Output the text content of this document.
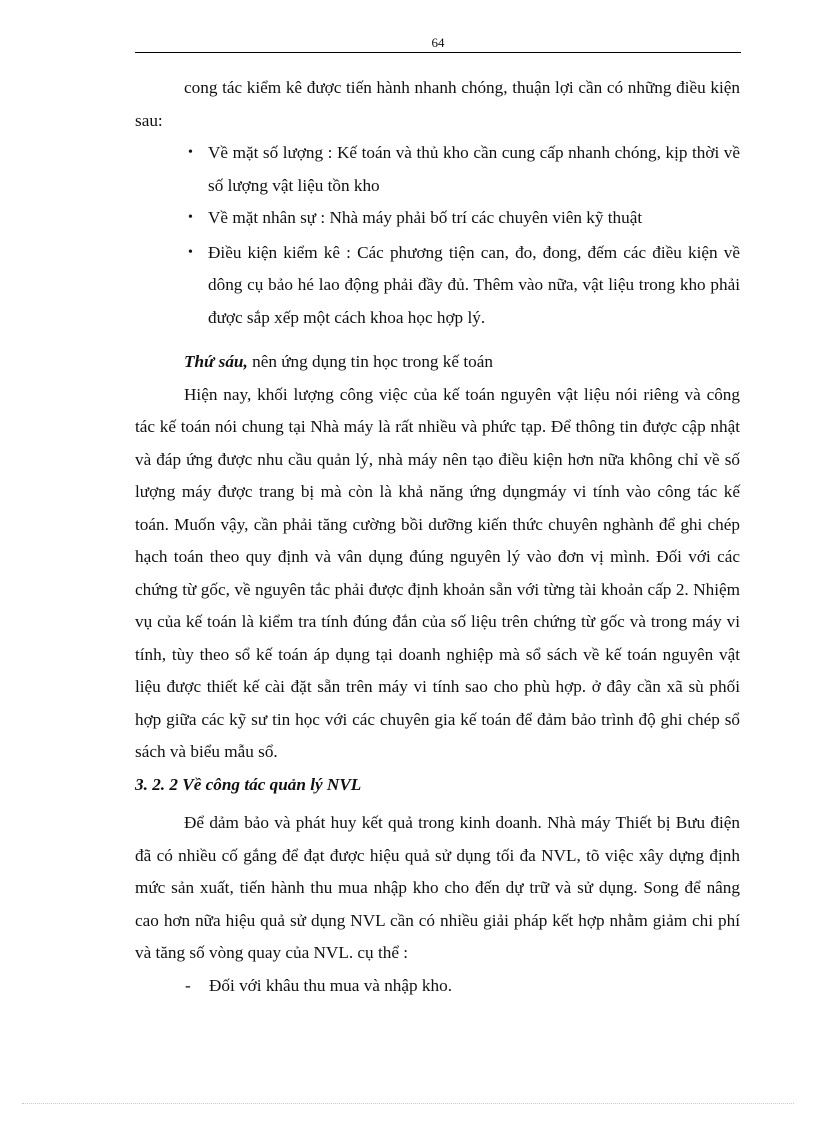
64

cong tác kiểm kê được tiến hành nhanh chóng, thuận lợi cần có những điều kiện sau:

• Về mặt số lượng : Kế toán và thủ kho cần cung cấp nhanh chóng, kịp thời về số lượng vật liệu tồn kho
• Về mặt nhân sự : Nhà máy phải bố trí các chuyên viên kỹ thuật
• Điều kiện kiểm kê : Các phương tiện can, đo, đong, đếm các điều kiện về dông cụ bảo hé lao động phải đầy đủ. Thêm vào nữa, vật liệu trong kho phải được sắp xếp một cách khoa học hợp lý.

Thứ sáu, nên ứng dụng tin học trong kế toán

Hiện nay, khối lượng công việc của kế toán nguyên vật liệu nói riêng và công tác kế toán nói chung tại Nhà máy là rất nhiều và phức tạp. Để thông tin được cập nhật và đáp ứng được nhu cầu quản lý, nhà máy nên tạo điều kiện hơn nữa không chỉ về số lượng máy được trang bị mà còn là khả năng ứng dụngmáy vi tính vào công tác kế toán. Muốn vậy, cần phải tăng cường bồi dưỡng kiến thức chuyên nghành để ghi chép hạch toán theo quy định và vân dụng đúng nguyên lý vào đơn vị mình. Đối với các chứng từ gốc, về nguyên tắc phải được định khoản sẵn với từng tài khoản cấp 2. Nhiệm vụ của kế toán là kiểm tra tính đúng đắn của số liệu trên chứng từ gốc và trong máy vi tính, tùy theo sổ kế toán áp dụng tại doanh nghiệp mà sổ sách về kế toán nguyên vật liệu được thiết kế cài đặt sẵn trên máy vi tính sao cho phù hợp. ở đây cần xã sù phối hợp giữa các kỹ sư tin học với các chuyên gia kế toán để đảm bảo trình độ ghi chép sổ sách và biểu mẫu sổ.

3. 2. 2 Về công tác quản lý NVL

Để dảm bảo và phát huy kết quả trong kinh doanh. Nhà máy Thiết bị Bưu điện đã có nhiều cố gắng để đạt được hiệu quả sử dụng tối đa NVL, tõ việc xây dựng định mức sản xuất, tiến hành thu mua nhập kho cho đến dự trữ và sử dụng. Song để nâng cao hơn nữa hiệu quả sử dụng NVL cần có nhiều giải pháp kết hợp nhằm giảm chi phí và tăng số vòng quay của NVL. cụ thể :

- Đối với khâu thu mua và nhập kho.
